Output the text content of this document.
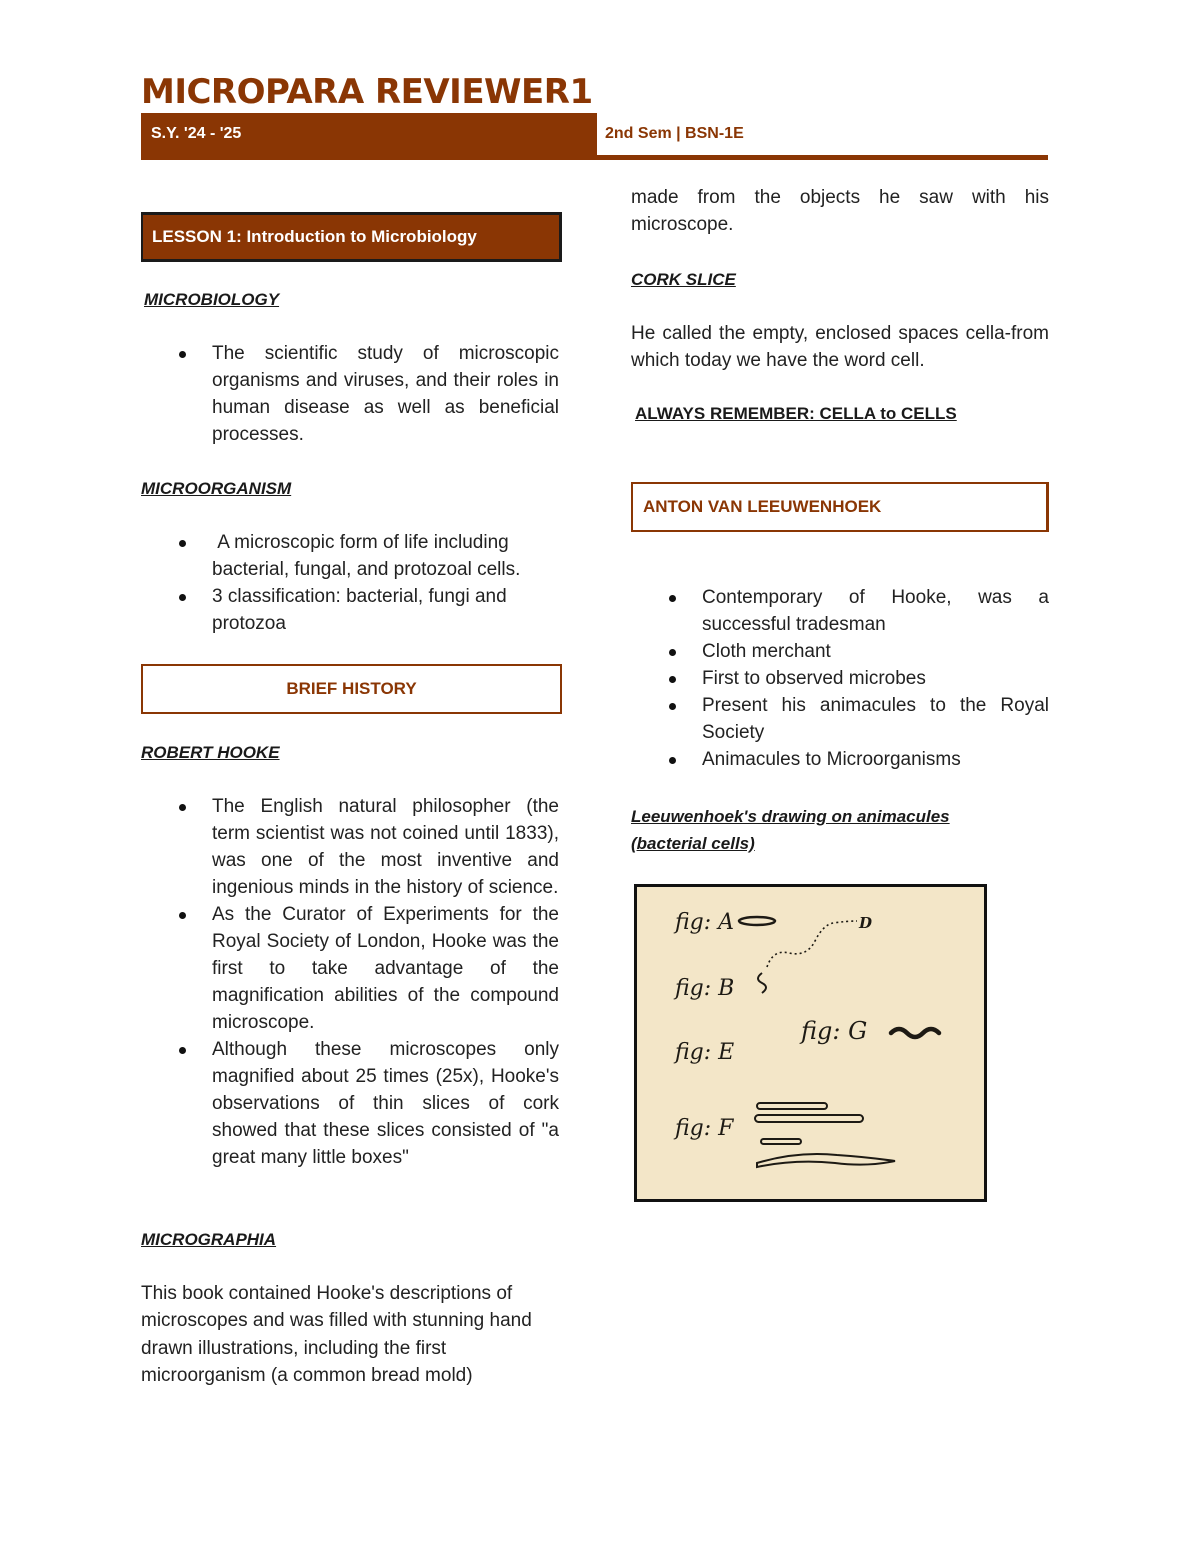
MICROPARA REVIEWER1
S.Y. '24 - '25	2nd Sem | BSN-1E
LESSON 1: Introduction to Microbiology
MICROBIOLOGY
The scientific study of microscopic organisms and viruses, and their roles in human disease as well as beneficial processes.
MICROORGANISM
A microscopic form of life including bacterial, fungal, and protozoal cells.
3 classification: bacterial, fungi and protozoa
BRIEF HISTORY
ROBERT HOOKE
The English natural philosopher (the term scientist was not coined until 1833), was one of the most inventive and ingenious minds in the history of science.
As the Curator of Experiments for the Royal Society of London, Hooke was the first to take advantage of the magnification abilities of the compound microscope.
Although these microscopes only magnified about 25 times (25x), Hooke's observations of thin slices of cork showed that these slices consisted of "a great many little boxes"
MICROGRAPHIA

This book contained Hooke's descriptions of microscopes and was filled with stunning hand drawn illustrations, including the first microorganism (a common bread mold)

made from the objects he saw with his microscope.

CORK SLICE

He called the empty, enclosed spaces cella-from which today we have the word cell.

ALWAYS REMEMBER: CELLA to CELLS
ANTON VAN LEEUWENHOEK
Contemporary of Hooke, was a successful tradesman
Cloth merchant
First to observed microbes
Present his animacules to the Royal Society
Animacules to Microorganisms
Leeuwenhoek's drawing on animacules (bacterial cells)
fig: A	D
fig: B
fig: E
fig: G
fig: F
